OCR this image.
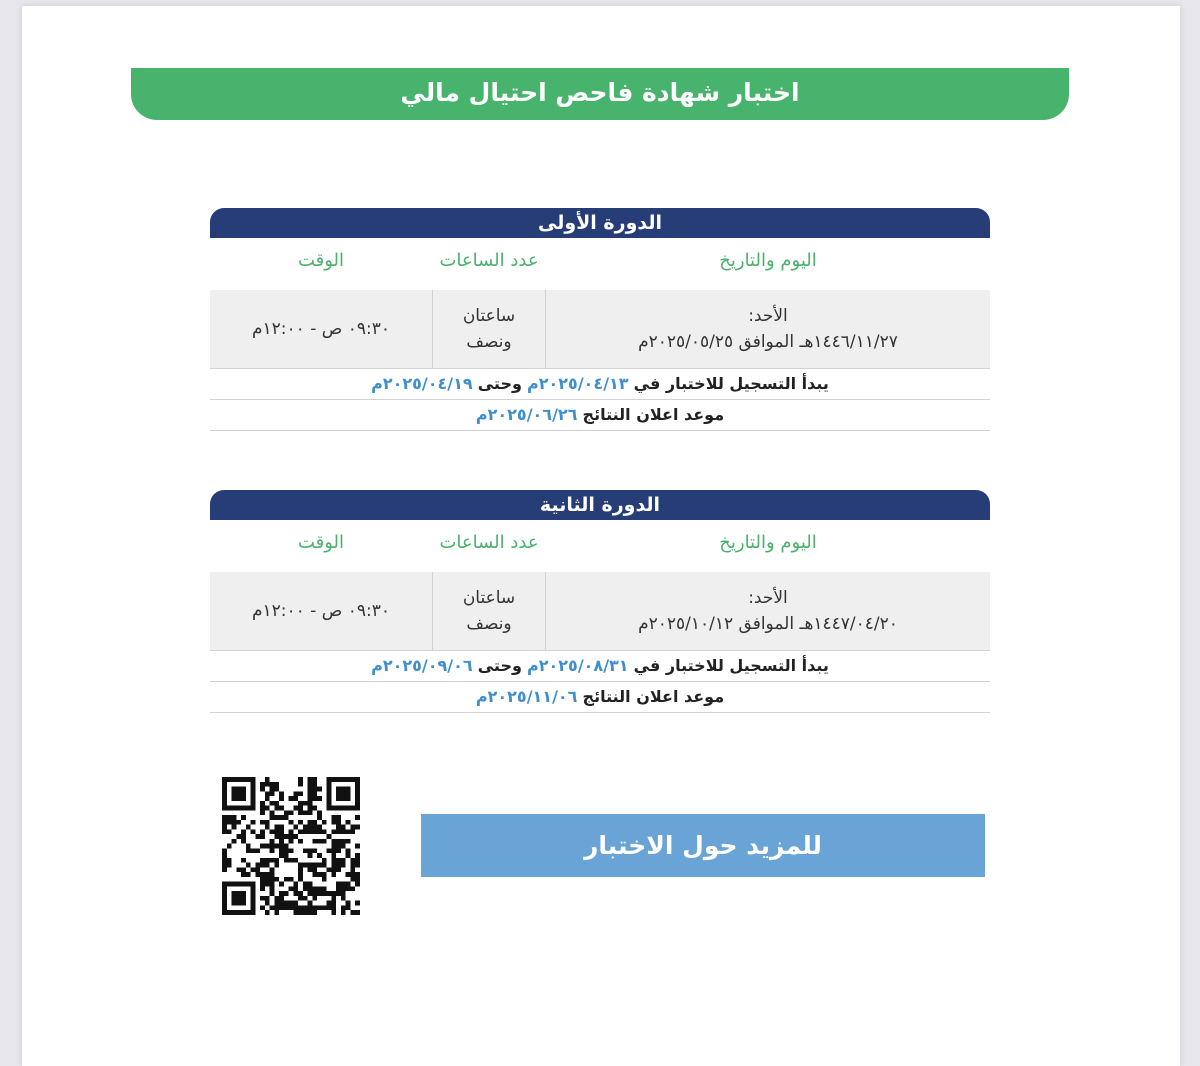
اختبار شهادة فاحص احتيال مالي
الدورة الأولى
اليوم والتاريخ
عدد الساعات
الوقت
الأحد:
١٤٤٦/١١/٢٧هـ الموافق ٢٠٢٥/٠٥/٢٥م
ساعتان
ونصف
٠٩:٣٠ ص - ١٢:٠٠م
يبدأ التسجيل للاختبار في ٢٠٢٥/٠٤/١٣م وحتى ٢٠٢٥/٠٤/١٩م
موعد اعلان النتائج ٢٠٢٥/٠٦/٢٦م
الدورة الثانية
اليوم والتاريخ
عدد الساعات
الوقت
الأحد:
١٤٤٧/٠٤/٢٠هـ الموافق ٢٠٢٥/١٠/١٢م
ساعتان
ونصف
٠٩:٣٠ ص - ١٢:٠٠م
يبدأ التسجيل للاختبار في ٢٠٢٥/٠٨/٣١م وحتى ٢٠٢٥/٠٩/٠٦م
موعد اعلان النتائج ٢٠٢٥/١١/٠٦م
للمزيد حول الاختبار
